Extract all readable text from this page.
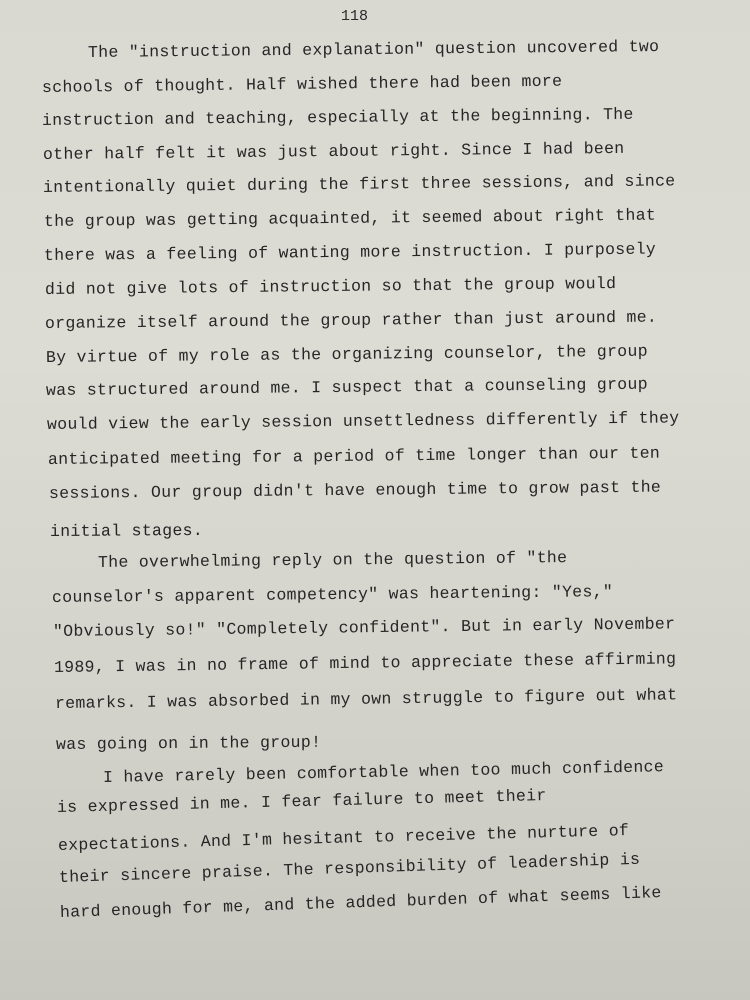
118

The "instruction and explanation" question uncovered two

schools of thought. Half wished there had been more

instruction and teaching, especially at the beginning. The

other half felt it was just about right. Since I had been

intentionally quiet during the first three sessions, and since

the group was getting acquainted, it seemed about right that

there was a feeling of wanting more instruction. I purposely

did not give lots of instruction so that the group would

organize itself around the group rather than just around me.

By virtue of my role as the organizing counselor, the group

was structured around me. I suspect that a counseling group

would view the early session unsettledness differently if they

anticipated meeting for a period of time longer than our ten

sessions. Our group didn't have enough time to grow past the

initial stages.

The overwhelming reply on the question of "the

counselor's apparent competency" was heartening: "Yes,"

"Obviously so!" "Completely confident". But in early November

1989, I was in no frame of mind to appreciate these affirming

remarks. I was absorbed in my own struggle to figure out what

was going on in the group!

I have rarely been comfortable when too much confidence

is expressed in me. I fear failure to meet their

expectations. And I'm hesitant to receive the nurture of

their sincere praise. The responsibility of leadership is

hard enough for me, and the added burden of what seems like
